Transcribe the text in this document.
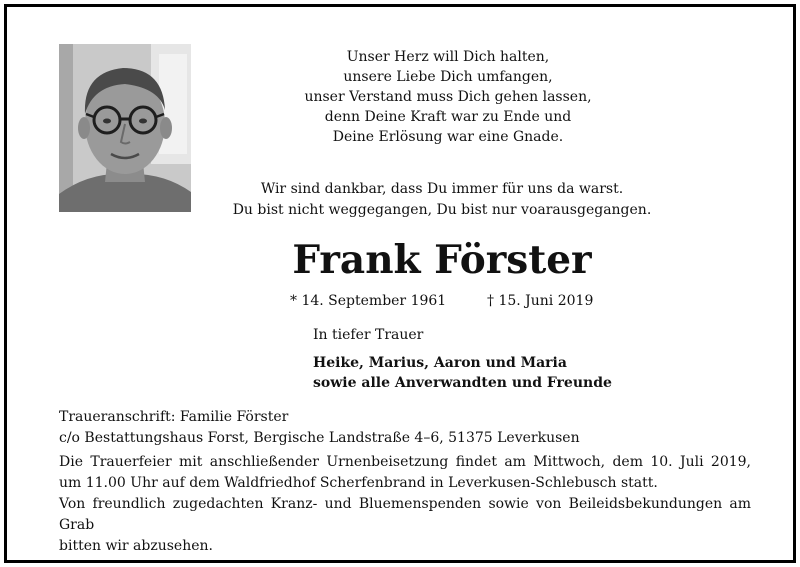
Unser Herz will Dich halten,
unsere Liebe Dich umfangen,
unser Verstand muss Dich gehen lassen,
denn Deine Kraft war zu Ende und
Deine Erlösung war eine Gnade.
Wir sind dankbar, dass Du immer für uns da warst.
Du bist nicht weggegangen, Du bist nur voarausgegangen.
Frank Förster
* 14. September 1961	† 15. Juni 2019
In tiefer Trauer
Heike, Marius, Aaron und Maria
sowie alle Anverwandten und Freunde
Traueranschrift: Familie Förster
c/o Bestattungshaus Forst, Bergische Landstraße 4–6, 51375 Leverkusen
Die Trauerfeier mit anschließender Urnenbeisetzung findet am Mittwoch, dem 10. Juli 2019,
um 11.00 Uhr auf dem Waldfriedhof Scherfenbrand in Leverkusen-Schlebusch statt.
Von freundlich zugedachten Kranz- und Bluemenspenden sowie von Beileidsbekundungen am Grab
bitten wir abzusehen.
